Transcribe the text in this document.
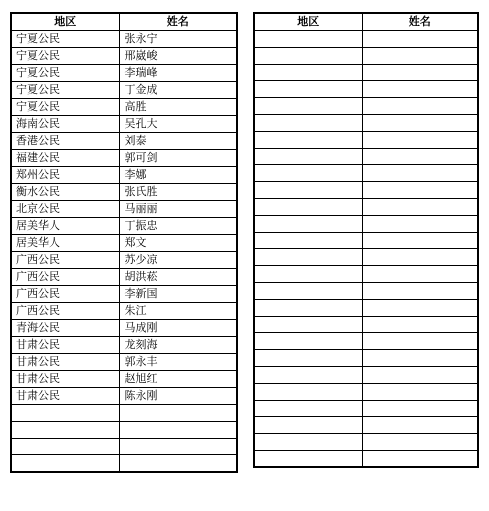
地区	姓名
宁夏公民	张永宁
宁夏公民	邢崴峻
宁夏公民	李瑞峰
宁夏公民	丁金成
宁夏公民	高胜
海南公民	吴孔大
香港公民	刘泰
福建公民	郭可剑
郑州公民	李娜
衡水公民	张氏胜
北京公民	马丽丽
居美华人	丁振忠
居美华人	郑文
广西公民	苏少凉
广西公民	胡洪菘
广西公民	李新国
广西公民	朱江
青海公民	马成刚
甘肃公民	龙刻海
甘肃公民	郭永丰
甘肃公民	赵旭红
甘肃公民	陈永刚

地区	姓名
